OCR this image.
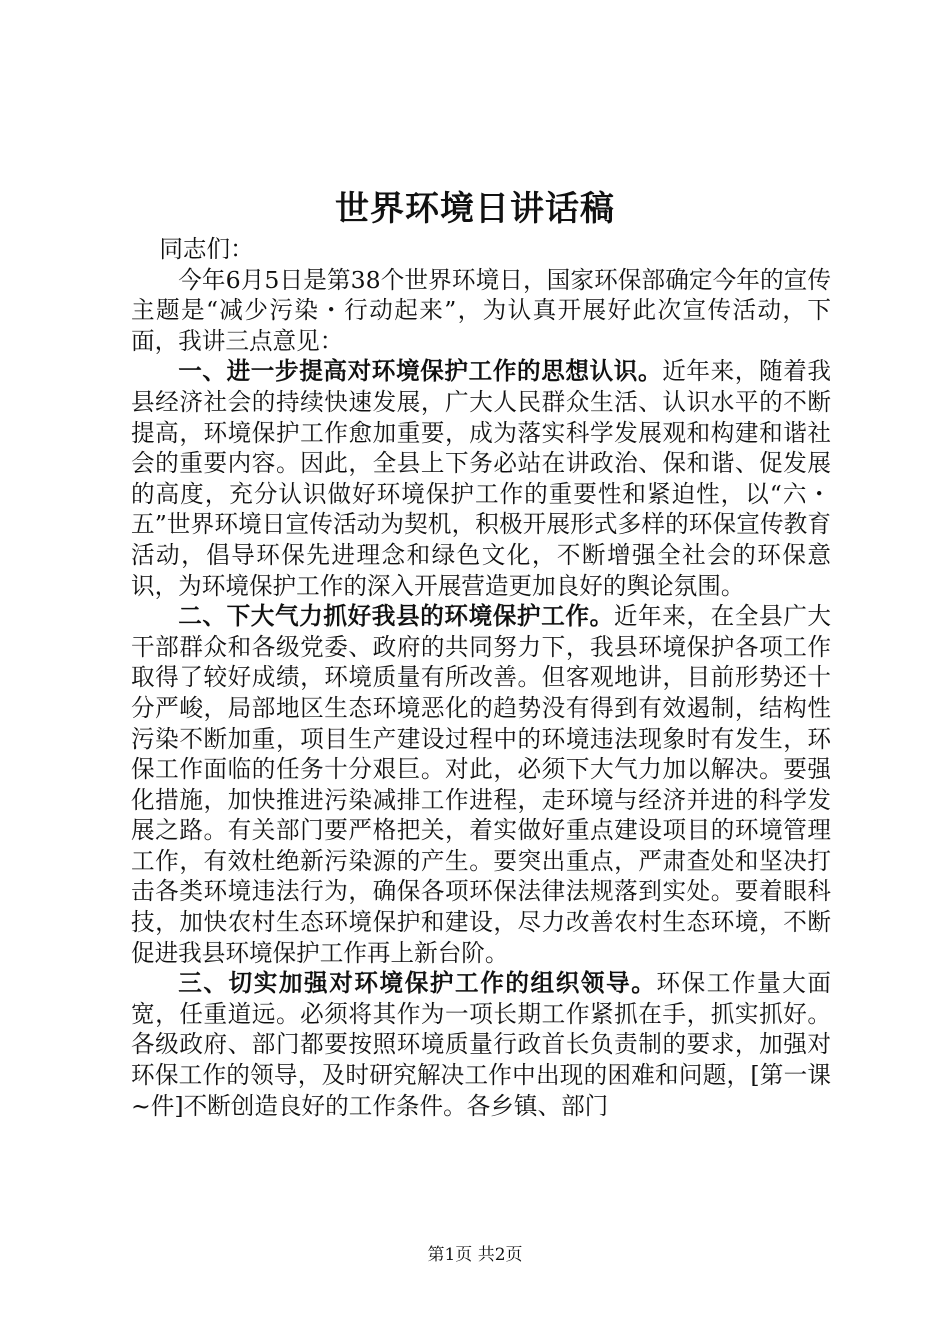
世界环境日讲话稿

同志们：

今年6月5日是第38个世界环境日，国家环保部确定今年的宣传主题是“减少污染・行动起来”，为认真开展好此次宣传活动，下面，我讲三点意见：

一、进一步提高对环境保护工作的思想认识。近年来，随着我县经济社会的持续快速发展，广大人民群众生活、认识水平的不断提高，环境保护工作愈加重要，成为落实科学发展观和构建和谐社会的重要内容。因此，全县上下务必站在讲政治、保和谐、促发展的高度，充分认识做好环境保护工作的重要性和紧迫性，以“六・五”世界环境日宣传活动为契机，积极开展形式多样的环保宣传教育活动，倡导环保先进理念和绿色文化，不断增强全社会的环保意识，为环境保护工作的深入开展营造更加良好的舆论氛围。

二、下大气力抓好我县的环境保护工作。近年来，在全县广大干部群众和各级党委、政府的共同努力下，我县环境保护各项工作取得了较好成绩，环境质量有所改善。但客观地讲，目前形势还十分严峻，局部地区生态环境恶化的趋势没有得到有效遏制，结构性污染不断加重，项目生产建设过程中的环境违法现象时有发生，环保工作面临的任务十分艰巨。对此，必须下大气力加以解决。要强化措施，加快推进污染减排工作进程，走环境与经济并进的科学发展之路。有关部门要严格把关，着实做好重点建设项目的环境管理工作，有效杜绝新污染源的产生。要突出重点，严肃查处和坚决打击各类环境违法行为，确保各项环保法律法规落到实处。要着眼科技，加快农村生态环境保护和建设，尽力改善农村生态环境，不断促进我县环境保护工作再上新台阶。

三、切实加强对环境保护工作的组织领导。环保工作量大面宽，任重道远。必须将其作为一项长期工作紧抓在手，抓实抓好。各级政府、部门都要按照环境质量行政首长负责制的要求，加强对环保工作的领导，及时研究解决工作中出现的困难和问题，[第一课~件]不断创造良好的工作条件。各乡镇、部门

第1页 共2页
